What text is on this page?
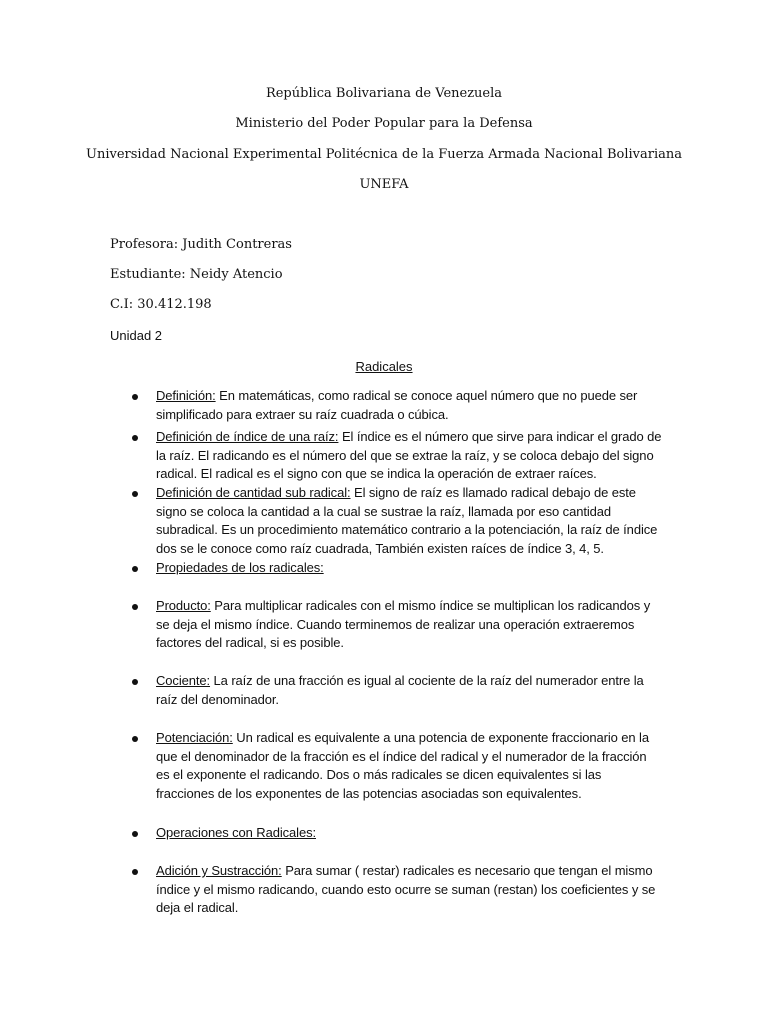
República Bolivariana de Venezuela
Ministerio del Poder Popular para la Defensa
Universidad Nacional Experimental Politécnica de la Fuerza Armada Nacional Bolivariana
UNEFA
Profesora: Judith Contreras
Estudiante: Neidy Atencio
C.I: 30.412.198
Unidad 2
Radicales
Definición: En matemáticas, como radical se conoce aquel número que no puede ser simplificado para extraer su raíz cuadrada o cúbica.
Definición de índice de una raíz: El índice es el número que sirve para indicar el grado de la raíz. El radicando es el número del que se extrae la raíz, y se coloca debajo del signo radical. El radical es el signo con que se indica la operación de extraer raíces.
Definición de cantidad sub radical: El signo de raíz es llamado radical debajo de este signo se coloca la cantidad a la cual se sustrae la raíz, llamada por eso cantidad subradical. Es un procedimiento matemático contrario a la potenciación, la raíz de índice dos se le conoce como raíz cuadrada, También existen raíces de índice 3, 4, 5.
Propiedades de los radicales:
Producto: Para multiplicar radicales con el mismo índice se multiplican los radicandos y se deja el mismo índice. Cuando terminemos de realizar una operación extraeremos factores del radical, si es posible.
Cociente: La raíz de una fracción es igual al cociente de la raíz del numerador entre la raíz del denominador.
Potenciación: Un radical es equivalente a una potencia de exponente fraccionario en la que el denominador de la fracción es el índice del radical y el numerador de la fracción es el exponente el radicando. Dos o más radicales se dicen equivalentes si las fracciones de los exponentes de las potencias asociadas son equivalentes.
Operaciones con Radicales:
Adición y Sustracción: Para sumar ( restar) radicales es necesario que tengan el mismo índice y el mismo radicando, cuando esto ocurre se suman (restan) los coeficientes y se deja el radical.
